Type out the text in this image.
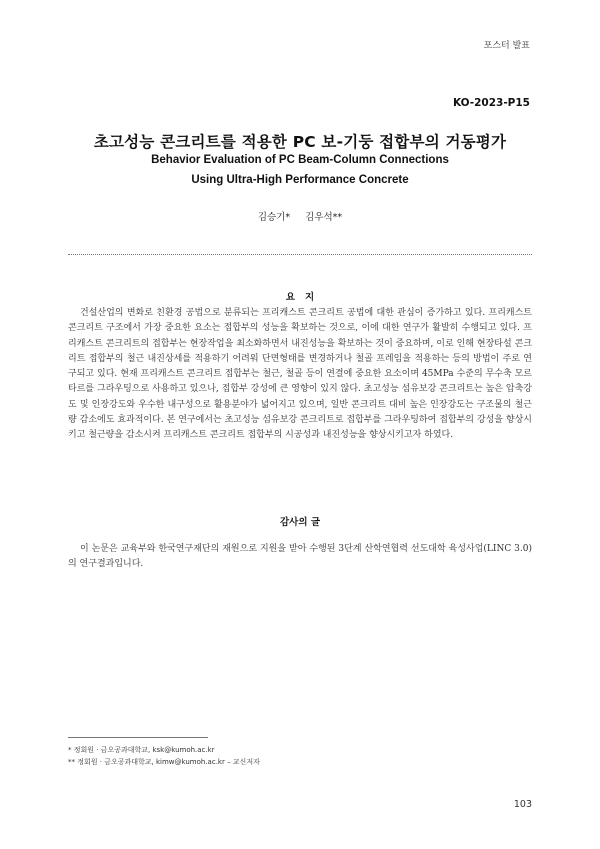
포스터 발표
KO-2023-P15
초고성능 콘크리트를 적용한 PC 보-기둥 접합부의 거동평가
Behavior Evaluation of PC Beam-Column Connections
Using Ultra-High Performance Concrete
김승기* 김우석**
요지

건설산업의 변화로 친환경 공법으로 분류되는 프리캐스트 콘크리트 공법에 대한 관심이 증가하고 있다. 프리캐스트 콘크리트 구조에서 가장 중요한 요소는 접합부의 성능을 확보하는 것으로, 이에 대한 연구가 활발히 수행되고 있다. 프리캐스트 콘크리트의 접합부는 현장작업을 최소화하면서 내진성능을 확보하는 것이 중요하며, 이로 인해 현장타설 콘크리트 접합부의 철근 내진상세를 적용하기 어려워 단면형태를 변경하거나 철골 프레임을 적용하는 등의 방법이 주로 연구되고 있다. 현재 프리캐스트 콘크리트 접합부는 철근, 철골 등이 연결에 중요한 요소이며 45MPa 수준의 무수축 모르타르를 그라우팅으로 사용하고 있으나, 접합부 강성에 큰 영향이 있지 않다. 초고성능 섬유보강 콘크리트는 높은 압축강도 및 인장강도와 우수한 내구성으로 활용분야가 넓어지고 있으며, 일반 콘크리트 대비 높은 인장강도는 구조물의 철근량 감소에도 효과적이다. 본 연구에서는 초고성능 섬유보강 콘크리트로 접합부를 그라우팅하여 접합부의 강성을 향상시키고 철근량을 감소시켜 프리캐스트 콘크리트 접합부의 시공성과 내진성능을 향상시키고자 하였다.

감사의 글

이 논문은 교육부와 한국연구재단의 재원으로 지원을 받아 수행된 3단계 산학연협력 선도대학 육성사업(LINC 3.0)의 연구결과입니다.

* 정회원 · 금오공과대학교, ksk@kumoh.ac.kr
** 정회원 · 금오공과대학교, kimw@kumoh.ac.kr – 교신저자
103
